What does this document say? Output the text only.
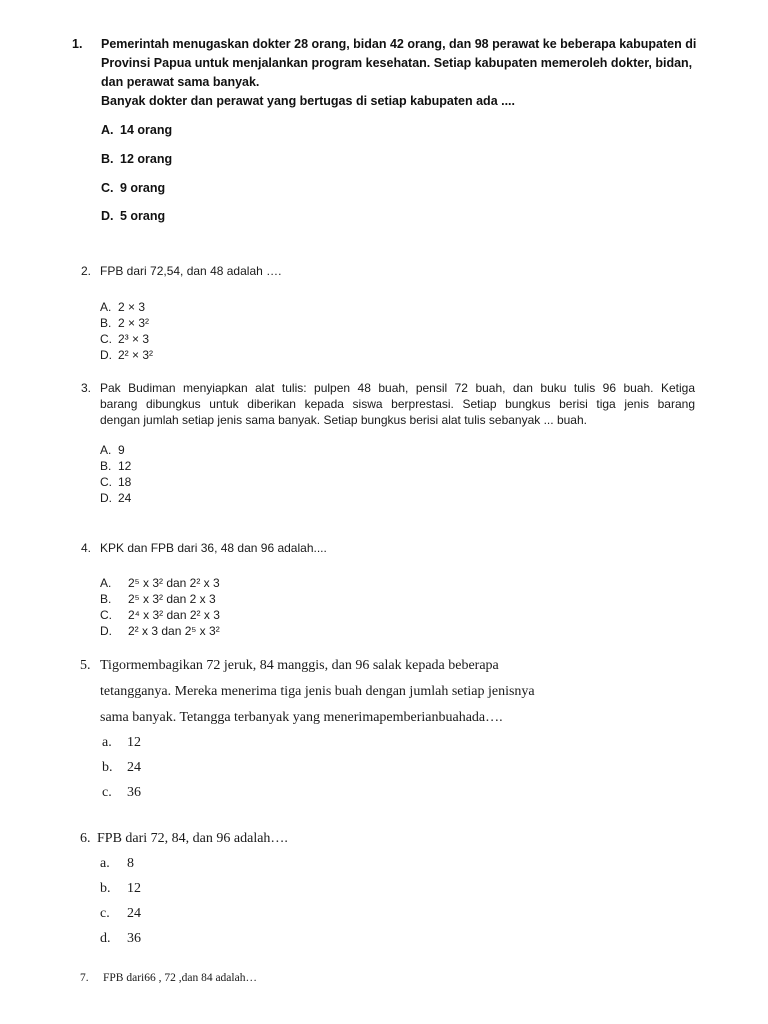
1. Pemerintah menugaskan dokter 28 orang, bidan 42 orang, dan 98 perawat ke beberapa kabupaten di
Provinsi Papua untuk menjalankan program kesehatan. Setiap kabupaten memeroleh dokter, bidan,
dan perawat sama banyak.
Banyak dokter dan perawat yang bertugas di setiap kabupaten ada ....
A. 14 orang
B. 12 orang
C. 9 orang
D. 5 orang
2. FPB dari 72,54, dan 48 adalah ….
A. 2 × 3
B. 2 × 3²
C. 2³ × 3
D. 2² × 3²
3. Pak Budiman menyiapkan alat tulis: pulpen 48 buah, pensil 72 buah, dan buku tulis 96 buah. Ketiga
barang dibungkus untuk diberikan kepada siswa berprestasi. Setiap bungkus berisi tiga jenis barang
dengan jumlah setiap jenis sama banyak. Setiap bungkus berisi alat tulis sebanyak ... buah.
A. 9
B. 12
C. 18
D. 24
4. KPK dan FPB dari 36, 48 dan 96 adalah....
A. 2⁵ x 3² dan 2² x 3
B. 2⁵ x 3² dan 2 x 3
C. 2⁴ x 3² dan 2² x 3
D. 2² x 3 dan 2⁵ x 3²
5. Tigormembagikan 72 jeruk, 84 manggis, dan 96 salak kepada beberapa
tetangganya. Mereka menerima tiga jenis buah dengan jumlah setiap jenisnya
sama banyak. Tetangga terbanyak yang menerimapemberianbuahada….
a. 12
b. 24
c. 36
6. FPB dari 72, 84, dan 96 adalah….
a. 8
b. 12
c. 24
d. 36
7. FPB dari66 , 72 ,dan 84 adalah…
